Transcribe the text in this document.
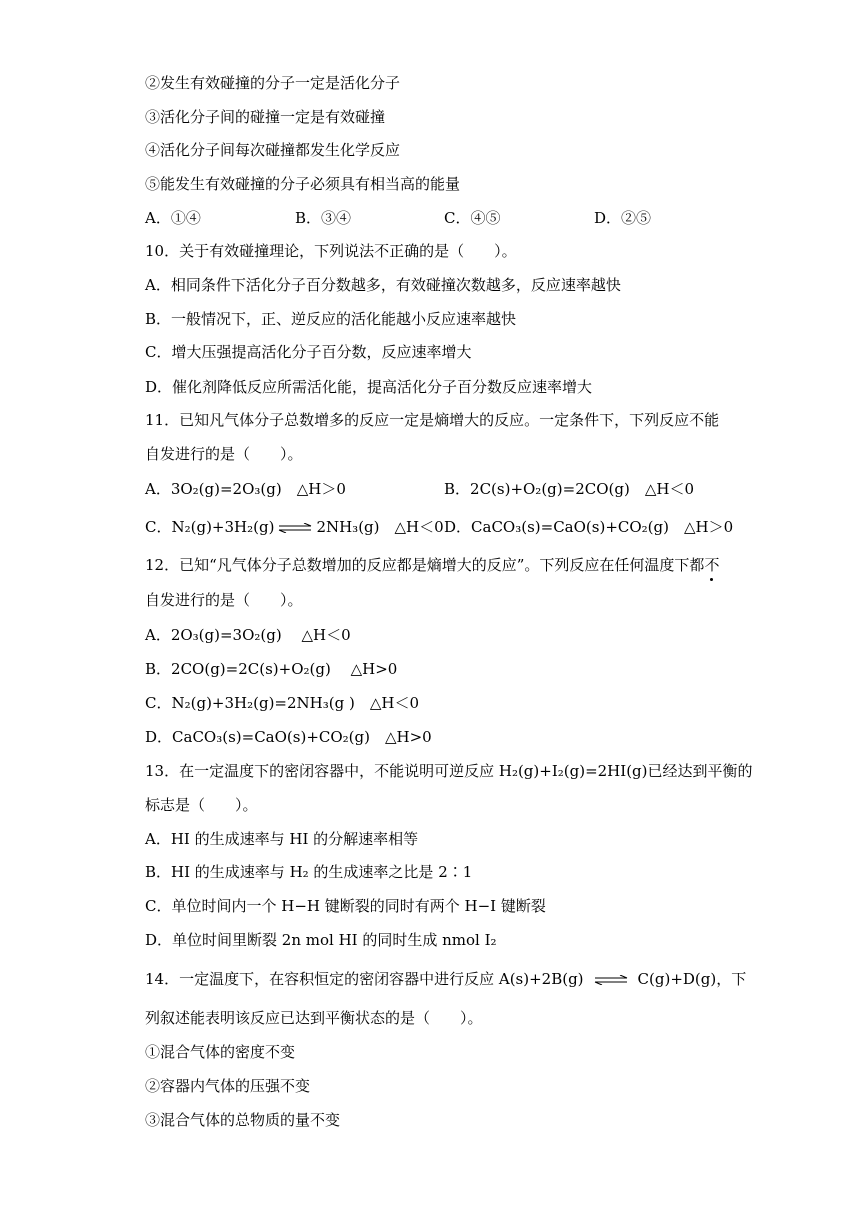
②发生有效碰撞的分子一定是活化分子
③活化分子间的碰撞一定是有效碰撞
④活化分子间每次碰撞都发生化学反应
⑤能发生有效碰撞的分子必须具有相当高的能量
A．①④	B．③④	C．④⑤	D．②⑤
10．关于有效碰撞理论，下列说法不正确的是（　　）。
A．相同条件下活化分子百分数越多，有效碰撞次数越多，反应速率越快
B．一般情况下，正、逆反应的活化能越小反应速率越快
C．增大压强提高活化分子百分数，反应速率增大
D．催化剂降低反应所需活化能，提高活化分子百分数反应速率增大
11．已知凡气体分子总数增多的反应一定是熵增大的反应。一定条件下，下列反应不能
自发进行的是（　　）。
A．3O₂(g)=2O₃(g)　△H＞0	B．2C(s)+O₂(g)=2CO(g)　△H＜0
C．N₂(g)+3H₂(g) ⇌ 2NH₃(g)　△H＜0 D．CaCO₃(s)=CaO(s)+CO₂(g)　△H＞0
12．已知“凡气体分子总数增加的反应都是熵增大的反应”。下列反应在任何温度下都不
自发进行的是（　　）。
A．2O₃(g)=3O₂(g)　 △H＜0
B．2CO(g)=2C(s)+O₂(g)　 △H>0
C．N₂(g)+3H₂(g)=2NH₃(g )　△H＜0
D．CaCO₃(s)=CaO(s)+CO₂(g)　△H>0
13．在一定温度下的密闭容器中，不能说明可逆反应 H₂(g)+I₂(g)=2HI(g)已经达到平衡的
标志是（　　）。
A．HI 的生成速率与 HI 的分解速率相等
B．HI 的生成速率与 H₂ 的生成速率之比是 2∶1
C．单位时间内一个 H−H 键断裂的同时有两个 H−I 键断裂
D．单位时间里断裂 2n mol HI 的同时生成 nmol I₂
14．一定温度下，在容积恒定的密闭容器中进行反应 A(s)+2B(g) ⇌ C(g)+D(g)，下
列叙述能表明该反应已达到平衡状态的是（　　）。
①混合气体的密度不变
②容器内气体的压强不变
③混合气体的总物质的量不变
